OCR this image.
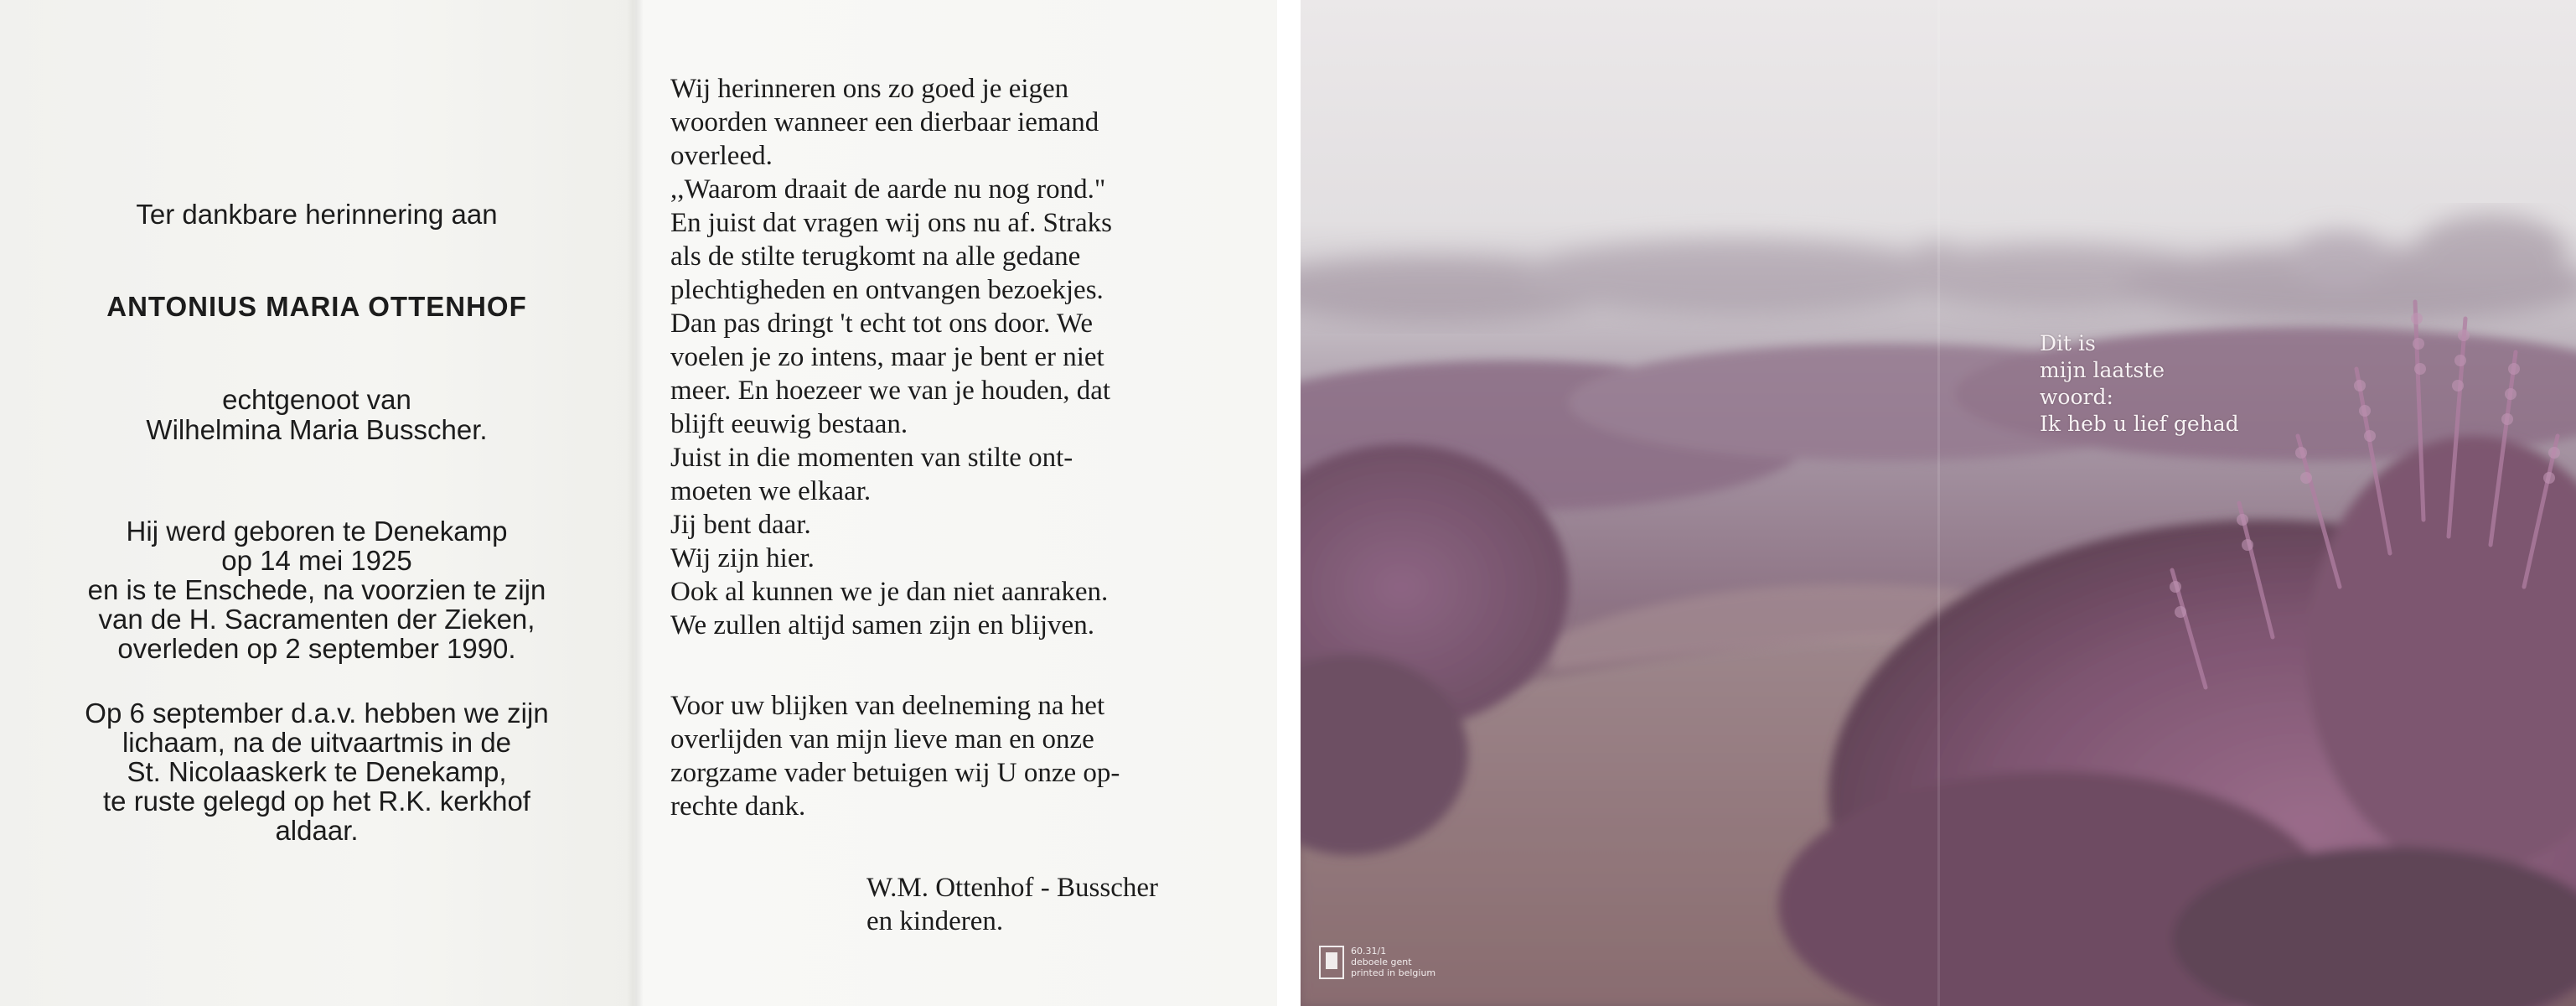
Ter dankbare herinnering aan

ANTONIUS MARIA OTTENHOF

echtgenoot van

Wilhelmina Maria Busscher.

Hij werd geboren te Denekamp

op 14 mei 1925

en is te Enschede, na voorzien te zijn

van de H. Sacramenten der Zieken,

overleden op 2 september 1990.

Op 6 september d.a.v. hebben we zijn

lichaam, na de uitvaartmis in de

St. Nicolaaskerk te Denekamp,

te ruste gelegd op het R.K. kerkhof

aldaar.

Wij herinneren ons zo goed je eigen
woorden wanneer een dierbaar iemand
overleed.
,,Waarom draait de aarde nu nog rond."
En juist dat vragen wij ons nu af. Straks
als de stilte terugkomt na alle gedane
plechtigheden en ontvangen bezoekjes.
Dan pas dringt 't echt tot ons door. We
voelen je zo intens, maar je bent er niet
meer. En hoezeer we van je houden, dat
blijft eeuwig bestaan.
Juist in die momenten van stilte ont-
moeten we elkaar.
Jij bent daar.
Wij zijn hier.
Ook al kunnen we je dan niet aanraken.
We zullen altijd samen zijn en blijven.
Voor uw blijken van deelneming na het
overlijden van mijn lieve man en onze
zorgzame vader betuigen wij U onze op-
rechte dank.
W.M. Ottenhof - Busscher
en kinderen.
Dit is
mijn laatste
woord:
Ik heb u lief gehad
60.31/1
deboele gent
printed in belgium
